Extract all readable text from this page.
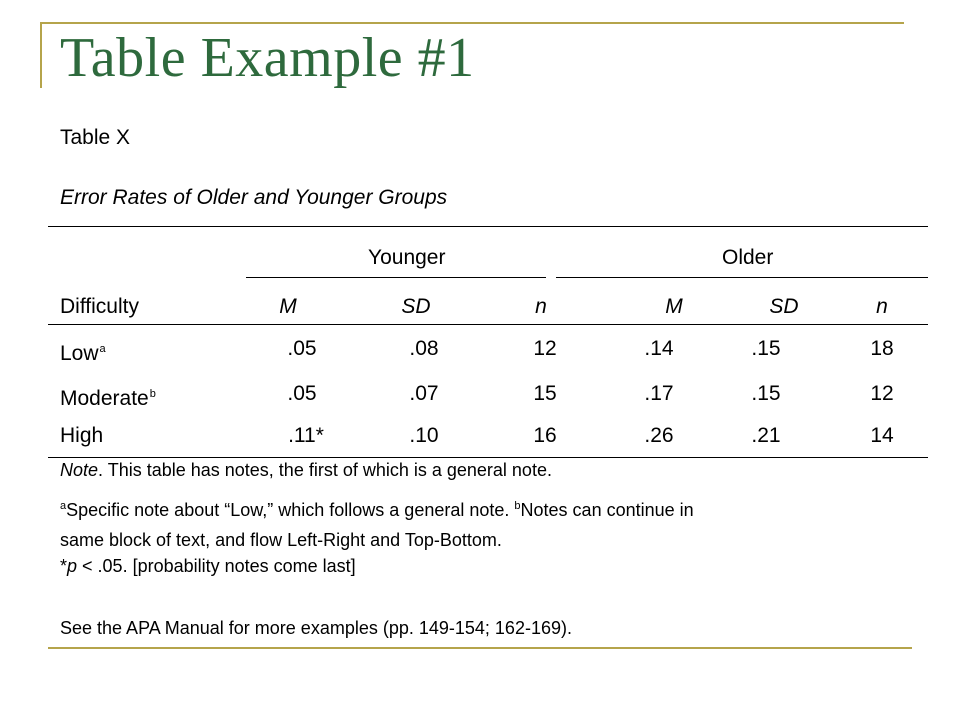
Table Example #1
Table X
Error Rates of Older and Younger Groups
Younger	Older
Difficulty	M	SD	n	M	SD	n
Low$^a$	.05	.08	12	.14	.15	18
Moderate$^b$	.05	.07	15	.17	.15	12
High	.11*	.10	16	.26	.21	14
Note. This table has notes, the first of which is a general note.
$^a$Specific note about “Low,” which follows a general note. $^b$Notes can continue in
same block of text, and flow Left-Right and Top-Bottom.
*p < .05. [probability notes come last]
See the APA Manual for more examples (pp. 149-154; 162-169).
